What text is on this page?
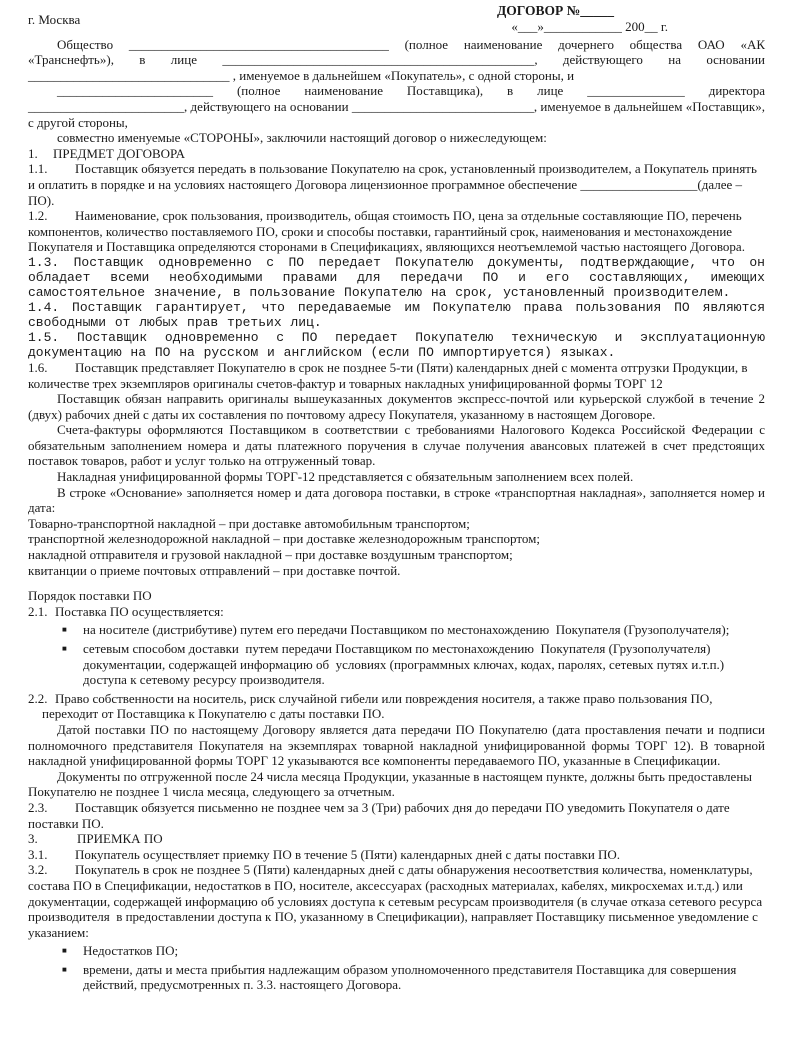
ДОГОВОР №_____
г. Москва	«___»____________ 200__ г.

Общество ________________________________________ (полное наименование дочернего общества ОАО «АК «Транснефть»), в лице ________________________________________________, действующего на основании _______________________________ , именуемое в дальнейшем «Покупатель», с одной стороны, и

________________________ (полное наименование Поставщика), в лице _______________ директора ________________________, действующего на основании ____________________________, именуемое в дальнейшем «Поставщик», с другой стороны,

совместно именуемые «СТОРОНЫ», заключили настоящий договор о нижеследующем:

1. ПРЕДМЕТ ДОГОВОРА

1.1. Поставщик обязуется передать в пользование Покупателю на срок, установленный производителем, а Покупатель принять и оплатить в порядке и на условиях настоящего Договора лицензионное программное обеспечение __________________(далее – ПО).

1.2. Наименование, срок пользования, производитель, общая стоимость ПО, цена за отдельные составляющие ПО, перечень компонентов, количество поставляемого ПО, сроки и способы поставки, гарантийный срок, наименования и местонахождение Покупателя и Поставщика определяются сторонами в Спецификациях, являющихся неотъемлемой частью настоящего Договора.

1.3. Поставщик одновременно с ПО передает Покупателю документы, подтверждающие, что он обладает всеми необходимыми правами для передачи ПО и его составляющих, имеющих самостоятельное значение, в пользование Покупателю на срок, установленный производителем.

1.4. Поставщик гарантирует, что передаваемые им Покупателю права пользования ПО являются свободными от любых прав третьих лиц.

1.5. Поставщик одновременно с ПО передает Покупателю техническую и эксплуатационную документацию на ПО на русском и английском (если ПО импортируется) языках.

1.6. Поставщик представляет Покупателю в срок не позднее 5-ти (Пяти) календарных дней с момента отгрузки Продукции, в количестве трех экземпляров оригиналы счетов-фактур и товарных накладных унифицированной формы ТОРГ 12

Поставщик обязан направить оригиналы вышеуказанных документов экспресс-почтой или курьерской службой в течение 2 (двух) рабочих дней с даты их составления по почтовому адресу Покупателя, указанному в настоящем Договоре.

Счета-фактуры оформляются Поставщиком в соответствии с требованиями Налогового Кодекса Российской Федерации с обязательным заполнением номера и даты платежного поручения в случае получения авансовых платежей в счет предстоящих поставок товаров, работ и услуг только на отгруженный товар.

Накладная унифицированной формы ТОРГ-12 представляется с обязательным заполнением всех полей.

В строке «Основание» заполняется номер и дата договора поставки, в строке «транспортная накладная», заполняется номер и дата:

Товарно-транспортной накладной – при доставке автомобильным транспортом;

транспортной железнодорожной накладной – при доставке железнодорожным транспортом;

накладной отправителя и грузовой накладной – при доставке воздушным транспортом;

квитанции о приеме почтовых отправлений – при доставке почтой.

Порядок поставки ПО

2.1. Поставка ПО осуществляется:

■ на носителе (дистрибутиве) путем его передачи Поставщиком по местонахождению  Покупателя (Грузополучателя);

■ сетевым способом доставки  путем передачи Поставщиком по местонахождению  Покупателя (Грузополучателя) документации, содержащей информацию об  условиях (программных ключах, кодах, паролях, сетевых путях и.т.п.) доступа к сетевому ресурсу производителя.

2.2. Право собственности на носитель, риск случайной гибели или повреждения носителя, а также право пользования ПО, переходит от Поставщика к Покупателю с даты поставки ПО.

Датой поставки ПО по настоящему Договору является дата передачи ПО Покупателю (дата проставления печати и подписи полномочного представителя Покупателя на экземплярах товарной накладной унифицированной формы ТОРГ 12). В товарной накладной унифицированной формы ТОРГ 12 указываются все компоненты передаваемого ПО, указанные в Спецификации.

Документы по отгруженной после 24 числа месяца Продукции, указанные в настоящем пункте, должны быть предоставлены Покупателю не позднее 1 числа месяца, следующего за отчетным.

2.3. Поставщик обязуется письменно не позднее чем за 3 (Три) рабочих дня до передачи ПО уведомить Покупателя о дате поставки ПО.

3.	ПРИЕМКА ПО

3.1. Покупатель осуществляет приемку ПО в течение 5 (Пяти) календарных дней с даты поставки ПО.

3.2. Покупатель в срок не позднее 5 (Пяти) календарных дней с даты обнаружения несоответствия количества, номенклатуры, состава ПО в Спецификации, недостатков в ПО, носителе, аксессуарах (расходных материалах, кабелях, микросхемах и.т.д.) или документации, содержащей информацию об условиях доступа к сетевым ресурсам производителя (в случае отказа сетевого ресурса производителя  в предоставлении доступа к ПО, указанному в Спецификации), направляет Поставщику письменное уведомление с указанием:

■ Недостатков ПО;

■ времени, даты и места прибытия надлежащим образом уполномоченного представителя Поставщика для совершения действий, предусмотренных п. 3.3. настоящего Договора.
